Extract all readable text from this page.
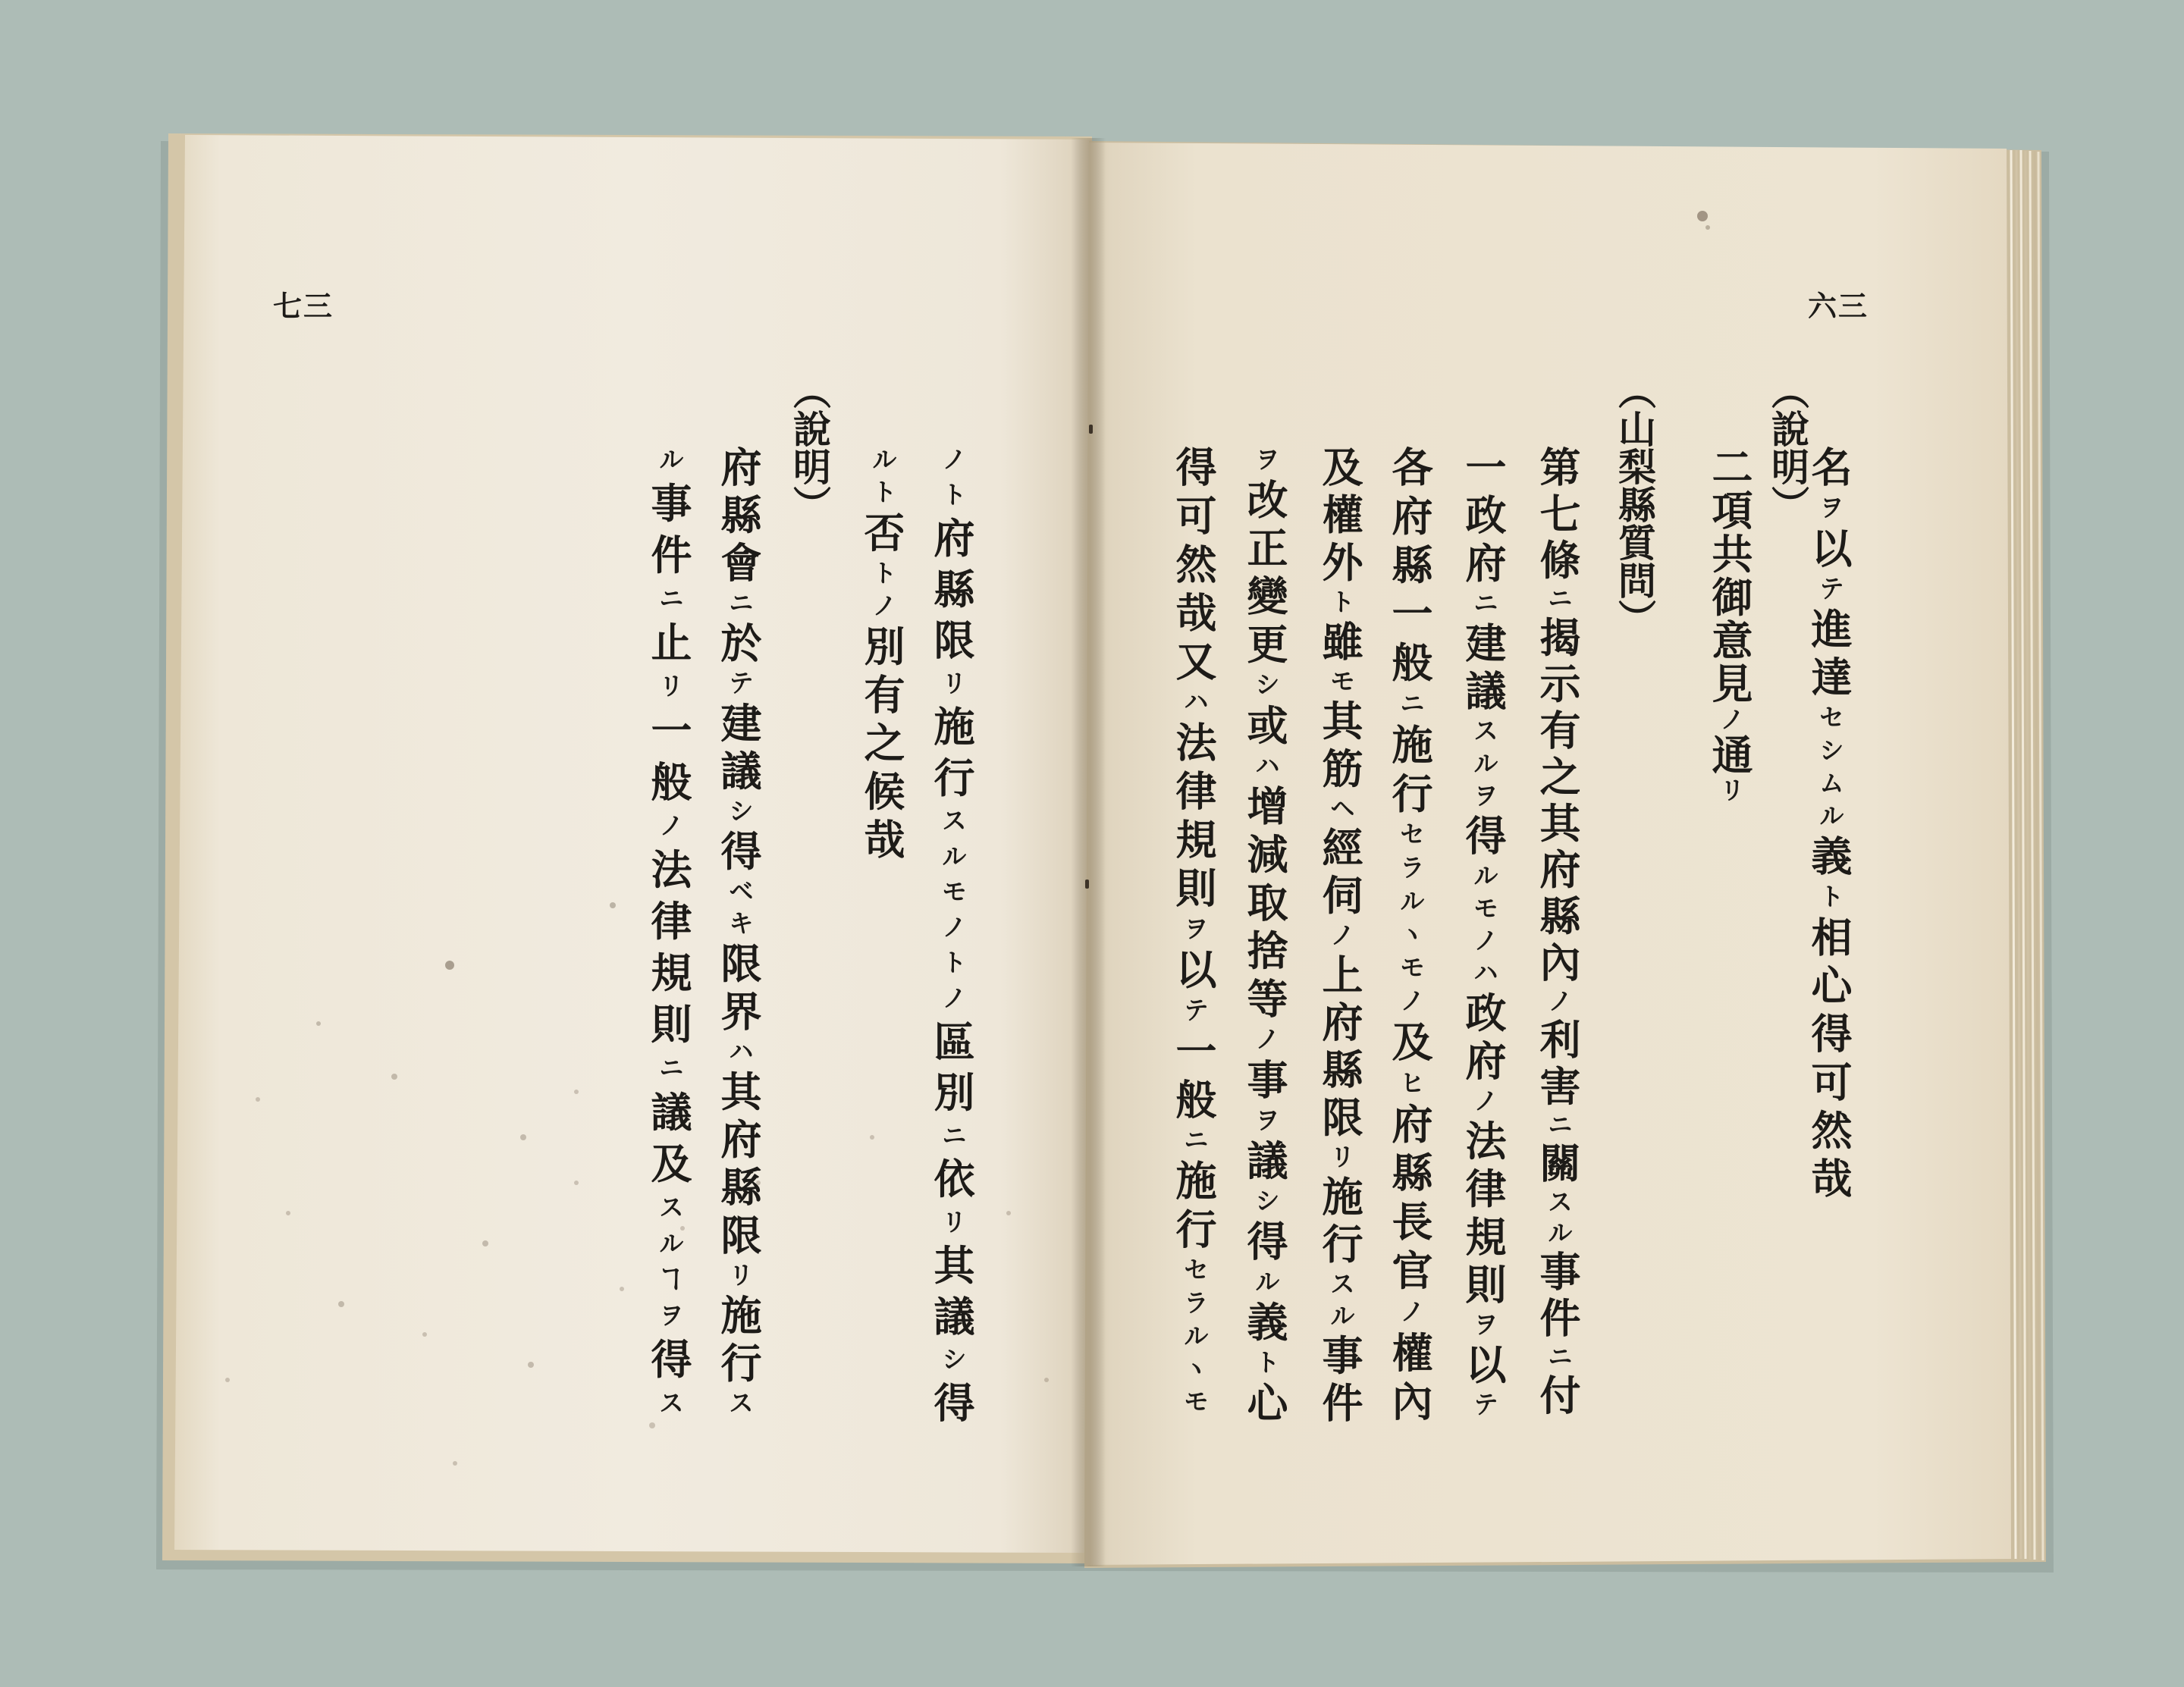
六三
名ヲ以テ進達セシムル義ト相心得可然哉
（說明）
二項共御意見ノ通リ
（山梨縣質問）
第七條ニ揭示有之其府縣內ノ利害ニ關スル事件ニ付
一政府ニ建議スルヲ得ルモノハ政府ノ法律規則ヲ以テ
各府縣一般ニ施行セラルヽモノ及ヒ府縣長官ノ權內
及權外ト雖モ其筋ヘ經伺ノ上府縣限リ施行スル事件
ヲ改正變更シ或ハ增減取捨等ノ事ヲ議シ得ル義ト心
得可然哉又ハ法律規則ヲ以テ一般ニ施行セラルヽモ
七三
ノト府縣限リ施行スルモノトノ區別ニ依リ其議シ得
ルト否トノ別有之候哉
（說明）
府縣會ニ於テ建議シ得ベキ限界ハ其府縣限リ施行ス
ル事件ニ止リ一般ノ法律規則ニ議及スルヿヲ得ス
